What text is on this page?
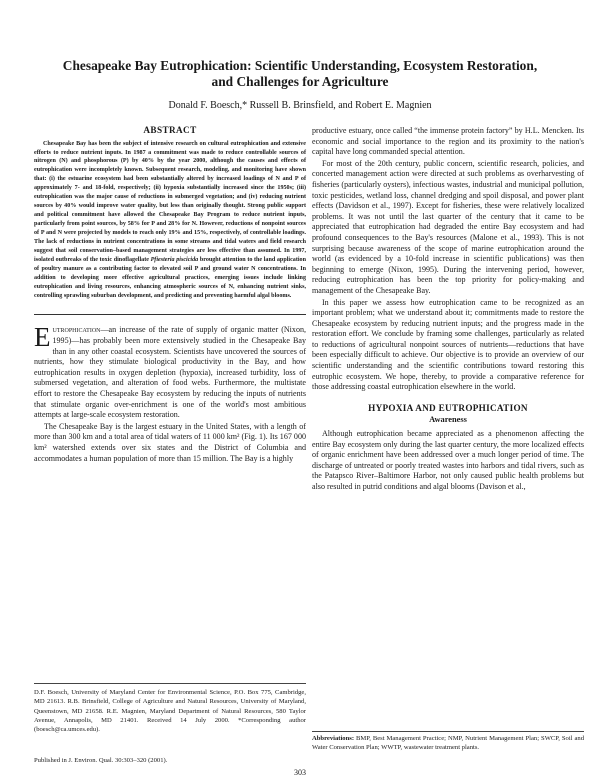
Chesapeake Bay Eutrophication: Scientific Understanding, Ecosystem Restoration,
and Challenges for Agriculture

Donald F. Boesch,* Russell B. Brinsfield, and Robert E. Magnien

ABSTRACT

Chesapeake Bay has been the subject of intensive research on cultural eutrophication and extensive efforts to reduce nutrient inputs. In 1987 a commitment was made to reduce controllable sources of nitrogen (N) and phosphorous (P) by 40% by the year 2000, although the causes and effects of eutrophication were incompletely known. Subsequent research, modeling, and monitoring have shown that: (i) the estuarine ecosystem had been substantially altered by increased loadings of N and P of approximately 7- and 18-fold, respectively; (ii) hypoxia substantially increased since the 1950s; (iii) eutrophication was the major cause of reductions in submerged vegetation; and (iv) reducing nutrient sources by 40% would improve water quality, but less than originally thought. Strong public support and political commitment have allowed the Chesapeake Bay Program to reduce nutrient inputs, particularly from point sources, by 58% for P and 28% for N. However, reductions of nonpoint sources of P and N were projected by models to reach only 19% and 15%, respectively, of controllable loadings. The lack of reductions in nutrient concentrations in some streams and tidal waters and field research suggest that soil conservation–based management strategies are less effective than assumed. In 1997, isolated outbreaks of the toxic dinoflagellate Pfiesteria piscicida brought attention to the land application of poultry manure as a contributing factor to elevated soil P and ground water N concentrations. In addition to developing more effective agricultural practices, emerging issues include linking eutrophication and living resources, enhancing atmospheric sources of N, enhancing nutrient sinks, controlling sprawling suburban development, and predicting and preventing harmful algal blooms.

Eutrophication—an increase of the rate of supply of organic matter (Nixon, 1995)—has probably been more extensively studied in the Chesapeake Bay than in any other coastal ecosystem. Scientists have uncovered the sources of nutrients, how they stimulate biological productivity in the Bay, and how eutrophication results in oxygen depletion (hypoxia), increased turbidity, loss of submersed vegetation, and alteration of food webs. Furthermore, the multistate effort to restore the Chesapeake Bay ecosystem by reducing the inputs of nutrients that stimulate organic over-enrichment is one of the world's most ambitious attempts at large-scale ecosystem restoration.

The Chesapeake Bay is the largest estuary in the United States, with a length of more than 300 km and a total area of tidal waters of 11 000 km² (Fig. 1). Its 167 000 km² watershed extends over six states and the District of Columbia and accommodates a human population of more than 15 million. The Bay is a highly

D.F. Boesch, University of Maryland Center for Environmental Science, P.O. Box 775, Cambridge, MD 21613. R.B. Brinsfield, College of Agriculture and Natural Resources, University of Maryland, Queenstown, MD 21658. R.E. Magnien, Maryland Department of Natural Resources, 580 Taylor Avenue, Annapolis, MD 21401. Received 14 July 2000. *Corresponding author (boesch@ca.umces.edu).
Published in J. Environ. Qual. 30:303–320 (2001).

productive estuary, once called “the immense protein factory” by H.L. Mencken. Its economic and social importance to the region and its proximity to the nation's capital have long commanded special attention.

For most of the 20th century, public concern, scientific research, policies, and concerted management action were directed at such problems as overharvesting of fisheries (particularly oysters), infectious wastes, industrial and municipal pollution, toxic pesticides, wetland loss, channel dredging and spoil disposal, and power plant effects (Davidson et al., 1997). Except for fisheries, these were relatively localized problems. It was not until the last quarter of the century that it came to be appreciated that eutrophication had degraded the entire Bay ecosystem and had profound consequences to the Bay's resources (Malone et al., 1993). This is not surprising because awareness of the scope of marine eutrophication around the world (as evidenced by a 10-fold increase in scientific publications) was then beginning to emerge (Nixon, 1995). During the intervening period, however, reducing eutrophication has been the top priority for policy-making and management of the Chesapeake Bay.

In this paper we assess how eutrophication came to be recognized as an important problem; what we understand about it; commitments made to restore the Chesapeake ecosystem by reducing nutrient inputs; and the progress made in the restoration effort. We conclude by framing some challenges, particularly as related to reductions of agricultural nonpoint sources of nutrients—reductions that have been especially difficult to achieve. Our objective is to provide an overview of our scientific understanding and the scientific contributions toward restoring this eutrophic ecosystem. We hope, thereby, to provide a comparative reference for those addressing coastal eutrophication elsewhere in the world.

HYPOXIA AND EUTROPHICATION
Awareness

Although eutrophication became appreciated as a phenomenon affecting the entire Bay ecosystem only during the last quarter century, the more localized effects of organic enrichment have been addressed over a much longer period of time. The discharge of untreated or poorly treated wastes into harbors and tidal rivers, such as the Patapsco River–Baltimore Harbor, not only caused public health problems but also resulted in putrid conditions and algal blooms (Davison et al.,

Abbreviations: BMP, Best Management Practice; NMP, Nutrient Management Plan; SWCP, Soil and Water Conservation Plan; WWTP, wastewater treatment plants.
303
